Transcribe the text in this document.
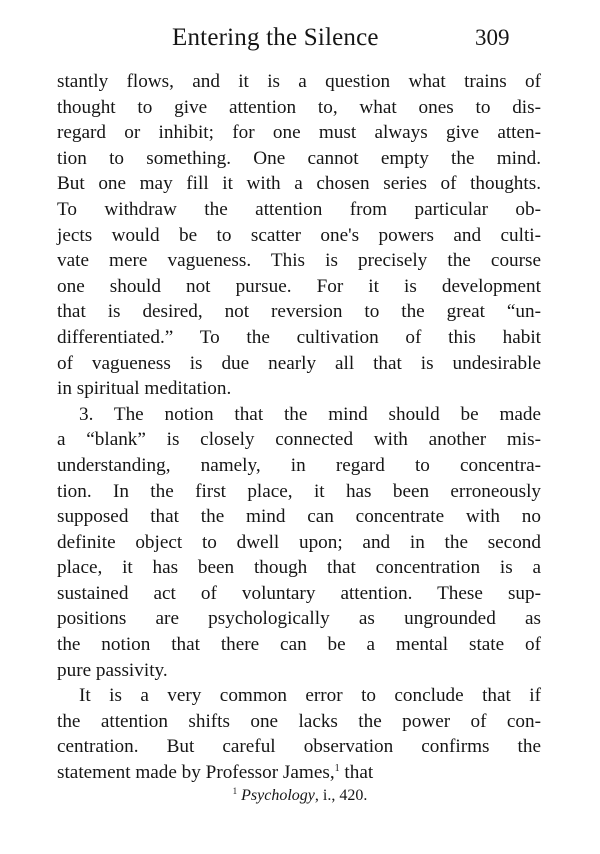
Entering the Silence	309
stantly flows, and it is a question what trains of
thought to give attention to, what ones to dis-
regard or inhibit; for one must always give atten-
tion to something. One cannot empty the mind.
But one may fill it with a chosen series of thoughts.
To withdraw the attention from particular ob-
jects would be to scatter one's powers and culti-
vate mere vagueness. This is precisely the course
one should not pursue. For it is development
that is desired, not reversion to the great “un-
differentiated.” To the cultivation of this habit
of vagueness is due nearly all that is undesirable
in spiritual meditation.
3. The notion that the mind should be made
a “blank” is closely connected with another mis-
understanding, namely, in regard to concentra-
tion. In the first place, it has been erroneously
supposed that the mind can concentrate with no
definite object to dwell upon; and in the second
place, it has been though that concentration is a
sustained act of voluntary attention. These sup-
positions are psychologically as ungrounded as
the notion that there can be a mental state of
pure passivity.
It is a very common error to conclude that if
the attention shifts one lacks the power of con-
centration. But careful observation confirms the
statement made by Professor James,$^1$ that
$^1$ Psychology, i., 420.
